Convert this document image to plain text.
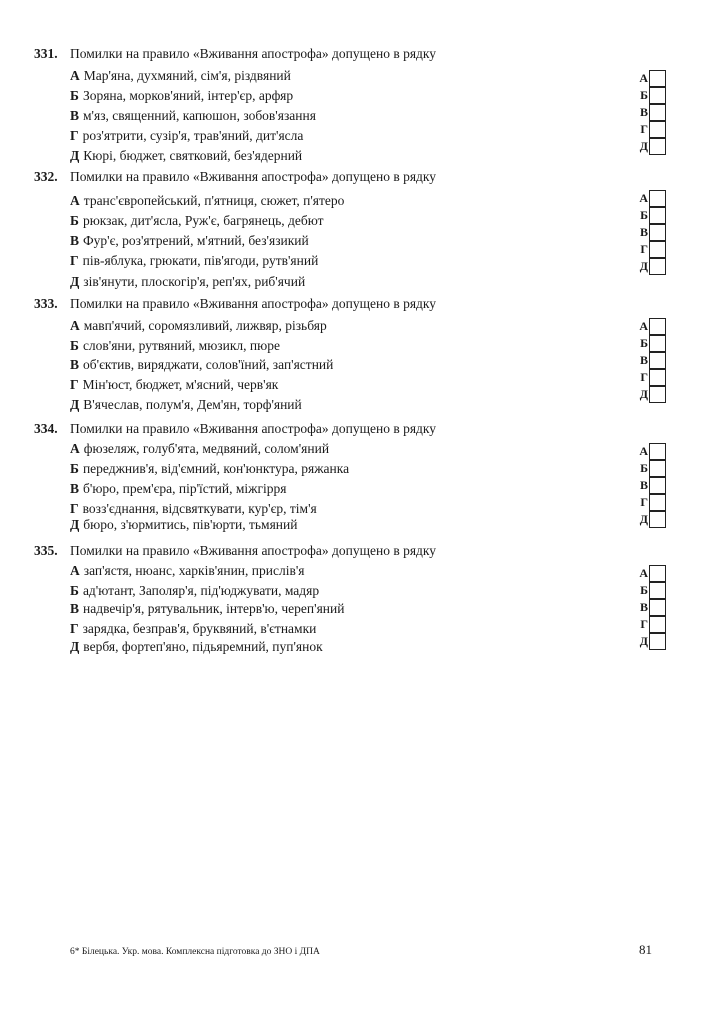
331. Помилки на правило «Вживання апострофа» допущено в рядку
А Мар'яна, духмяний, сім'я, різдвяний
Б Зоряна, морков'яний, інтер'єр, арфяр
В м'яз, священний, капюшон, зобов'язання
Г роз'ятрити, сузір'я, трав'яний, дит'ясла
Д Кюрі, бюджет, святковий, без'ядерний
А
Б
В
Г
Д
332. Помилки на правило «Вживання апострофа» допущено в рядку
А транс'європейський, п'ятниця, сюжет, п'ятеро
Б рюкзак, дит'ясла, Руж'є, багрянець, дебют
В Фур'є, роз'ятрений, м'ятний, без'язикий
Г пів-яблука, грюкати, пів'ягоди, рутв'яний
Д зів'янути, плоскогір'я, реп'ях, риб'ячий
А
Б
В
Г
Д
333. Помилки на правило «Вживання апострофа» допущено в рядку
А мавп'ячий, соромязливий, лижвяр, різьбяр
Б слов'яни, рутвяний, мюзикл, пюре
В об'єктив, виряджати, солов'їний, зап'ястний
Г Мін'юст, бюджет, м'ясний, черв'як
Д В'ячеслав, полум'я, Дем'ян, торф'яний
А
Б
В
Г
Д
334. Помилки на правило «Вживання апострофа» допущено в рядку
А фюзеляж, голуб'ята, медвяний, солом'яний
Б переджнив'я, від'ємний, кон'юнктура, ряжанка
В б'юро, прем'єра, пір'їстий, міжгірря
Г возз'єднання, відсвяткувати, кур'єр, тім'я
Д бюро, з'юрмитись, пів'юрти, тьмяний
А
Б
В
Г
Д
335. Помилки на правило «Вживання апострофа» допущено в рядку
А зап'ястя, нюанс, харків'янин, прислів'я
Б ад'ютант, Заполяр'я, під'юджувати, мадяр
В надвечір'я, рятувальник, інтерв'ю, череп'яний
Г зарядка, безправ'я, бруквяний, в'єтнамки
Д вербя, фортеп'яно, підьяремний, пуп'янок
А
Б
В
Г
Д
6* Білецька. Укр. мова. Комплексна підготовка до ЗНО і ДПА	81
